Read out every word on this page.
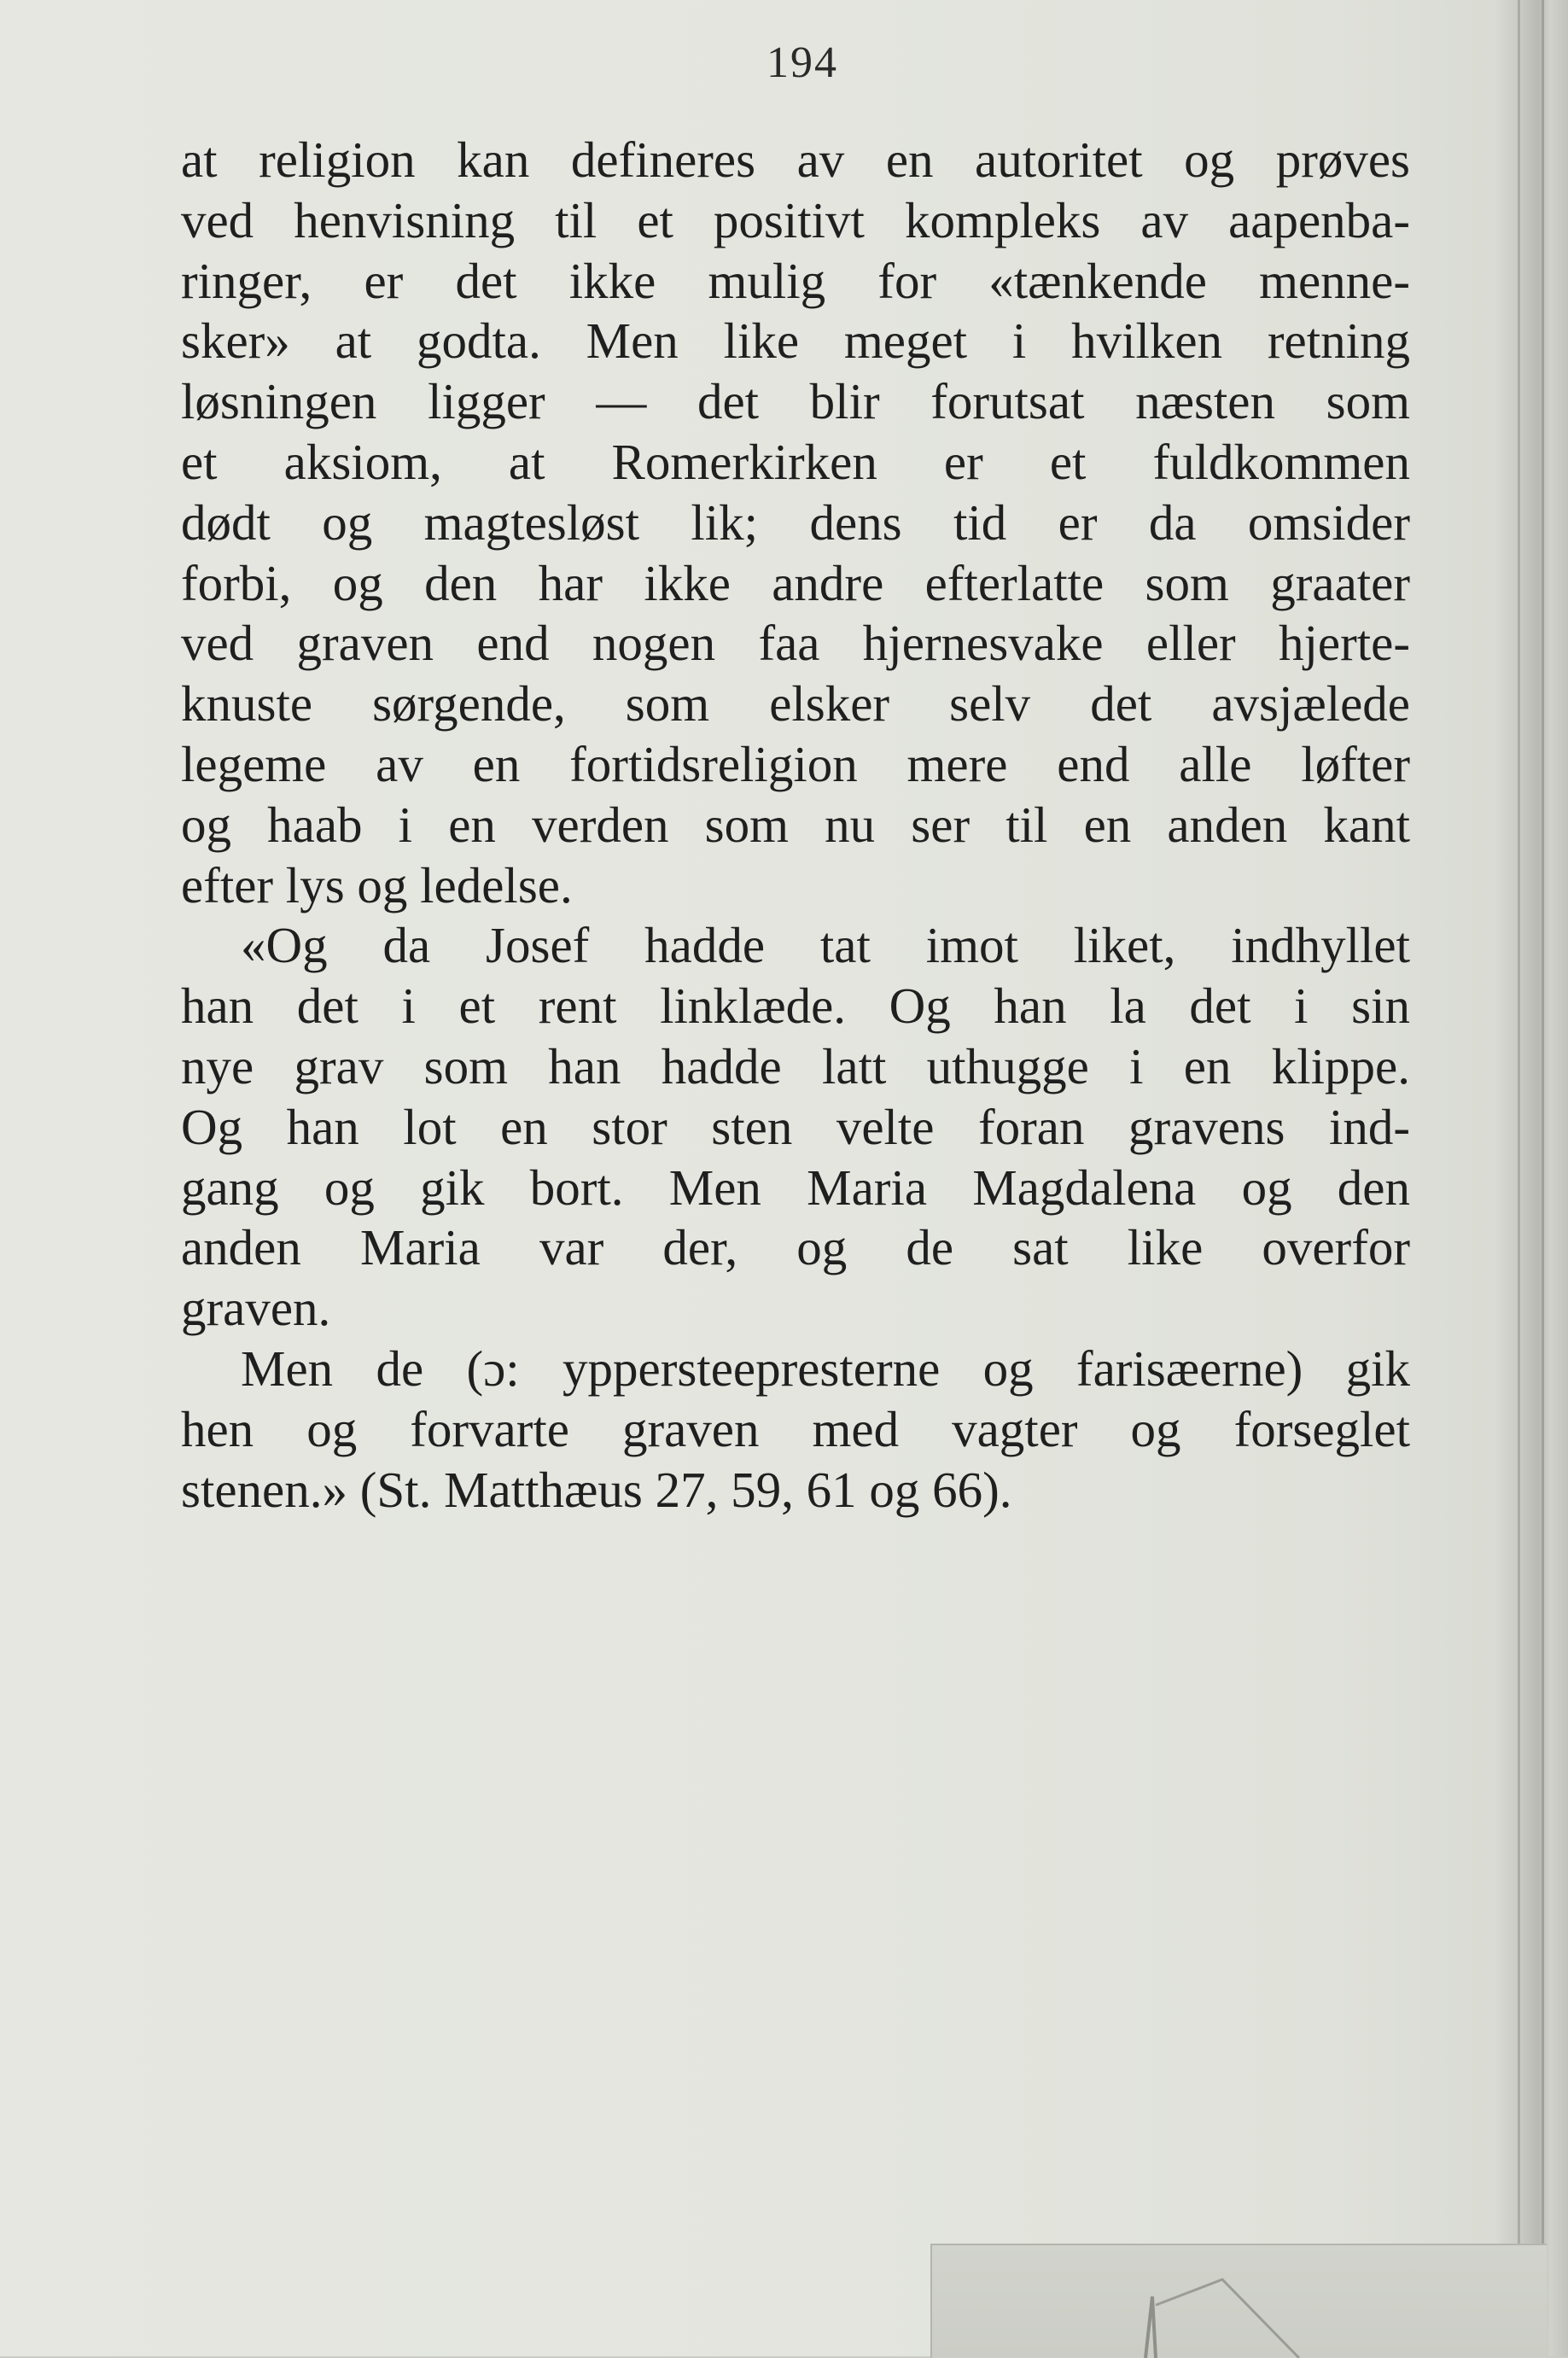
194
at religion kan defineres av en autoritet og prøves
ved henvisning til et positivt kompleks av aapenba-
ringer, er det ikke mulig for «tænkende menne-
sker» at godta. Men like meget i hvilken retning
løsningen ligger — det blir forutsat næsten som
et aksiom, at Romerkirken er et fuldkommen
dødt og magtesløst lik; dens tid er da omsider
forbi, og den har ikke andre efterlatte som graater
ved graven end nogen faa hjernesvake eller hjerte-
knuste sørgende, som elsker selv det avsjælede
legeme av en fortidsreligion mere end alle løfter
og haab i en verden som nu ser til en anden kant
efter lys og ledelse.
«Og da Josef hadde tat imot liket, indhyllet
han det i et rent linklæde. Og han la det i sin
nye grav som han hadde latt uthugge i en klippe.
Og han lot en stor sten velte foran gravens ind-
gang og gik bort. Men Maria Magdalena og den
anden Maria var der, og de sat like overfor
graven.
Men de (ɔ: yppersteepresterne og farisæerne) gik
hen og forvarte graven med vagter og forseglet
stenen.» (St. Matthæus 27, 59, 61 og 66).
